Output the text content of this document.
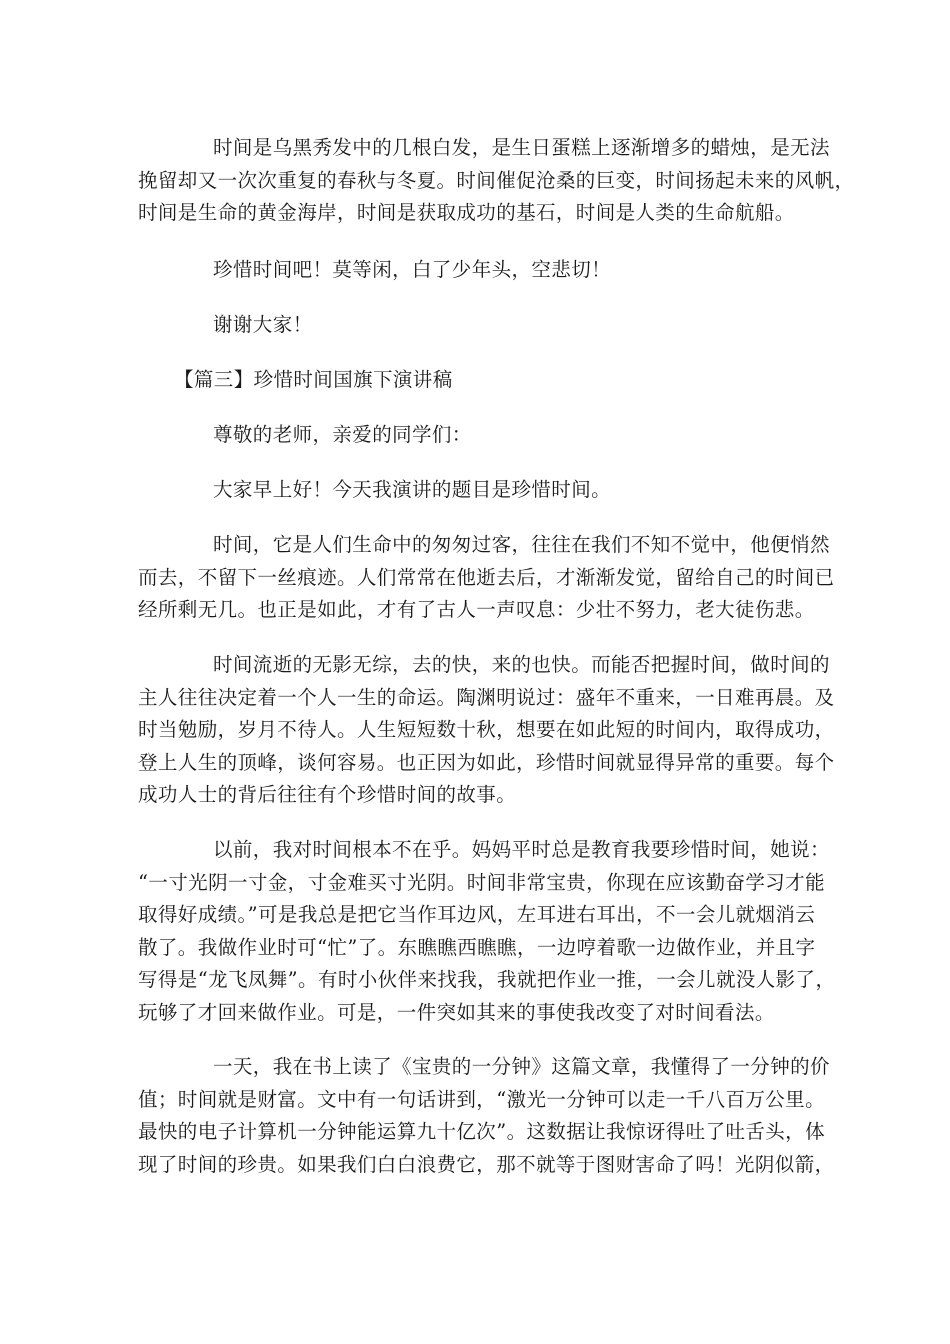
时间是乌黑秀发中的几根白发，是生日蛋糕上逐渐增多的蜡烛，是无法
挽留却又一次次重复的春秋与冬夏。时间催促沧桑的巨变，时间扬起未来的风帆，
时间是生命的黄金海岸，时间是获取成功的基石，时间是人类的生命航船。
珍惜时间吧！莫等闲，白了少年头，空悲切！
谢谢大家！
【篇三】珍惜时间国旗下演讲稿
尊敬的老师，亲爱的同学们：
大家早上好！今天我演讲的题目是珍惜时间。
时间，它是人们生命中的匆匆过客，往往在我们不知不觉中，他便悄然
而去，不留下一丝痕迹。人们常常在他逝去后，才渐渐发觉，留给自己的时间已
经所剩无几。也正是如此，才有了古人一声叹息：少壮不努力，老大徒伤悲。
时间流逝的无影无综，去的快，来的也快。而能否把握时间，做时间的
主人往往决定着一个人一生的命运。陶渊明说过：盛年不重来，一日难再晨。及
时当勉励，岁月不待人。人生短短数十秋，想要在如此短的时间内，取得成功，
登上人生的顶峰，谈何容易。也正因为如此，珍惜时间就显得异常的重要。每个
成功人士的背后往往有个珍惜时间的故事。
以前，我对时间根本不在乎。妈妈平时总是教育我要珍惜时间，她说：
“一寸光阴一寸金，寸金难买寸光阴。时间非常宝贵，你现在应该勤奋学习才能
取得好成绩。”可是我总是把它当作耳边风，左耳进右耳出，不一会儿就烟消云
散了。我做作业时可“忙”了。东瞧瞧西瞧瞧，一边哼着歌一边做作业，并且字
写得是“龙飞凤舞”。有时小伙伴来找我，我就把作业一推，一会儿就没人影了，
玩够了才回来做作业。可是，一件突如其来的事使我改变了对时间看法。
一天，我在书上读了《宝贵的一分钟》这篇文章，我懂得了一分钟的价
值；时间就是财富。文中有一句话讲到，“激光一分钟可以走一千八百万公里。
最快的电子计算机一分钟能运算九十亿次”。这数据让我惊讶得吐了吐舌头，体
现了时间的珍贵。如果我们白白浪费它，那不就等于图财害命了吗！光阴似箭，
